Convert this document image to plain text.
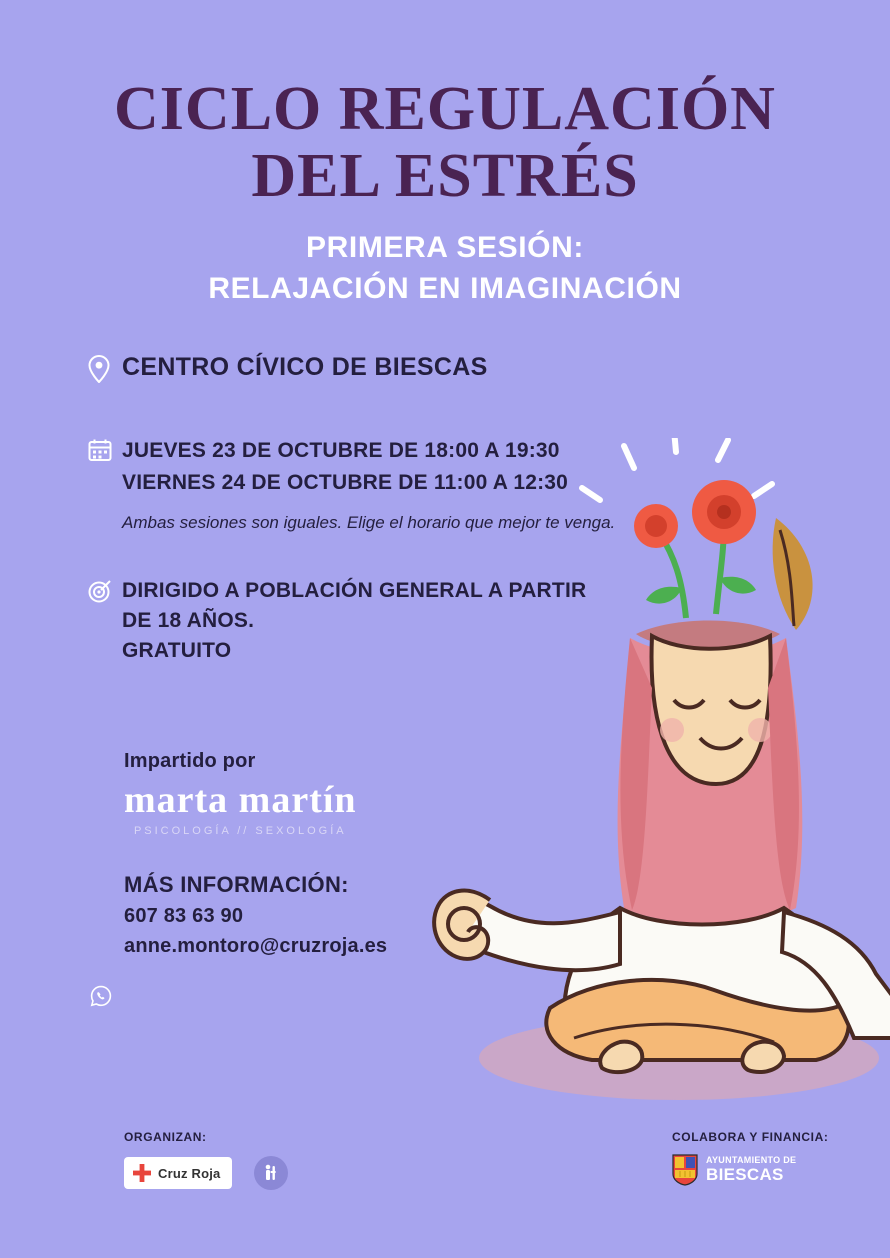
CICLO REGULACIÓN
DEL ESTRÉS
PRIMERA SESIÓN:
RELAJACIÓN EN IMAGINACIÓN
CENTRO CÍVICO DE BIESCAS
JUEVES 23 DE OCTUBRE DE 18:00 A 19:30
VIERNES 24 DE OCTUBRE DE 11:00 A 12:30
Ambas sesiones son iguales. Elige el horario que mejor te venga.
DIRIGIDO A POBLACIÓN GENERAL A PARTIR
DE 18 AÑOS.
GRATUITO
Impartido por
marta martín
PSICOLOGÍA // SEXOLOGÍA
MÁS INFORMACIÓN:
607 83 63 90
anne.montoro@cruzroja.es
ORGANIZAN:
Cruz Roja
COLABORA Y FINANCIA:
AYUNTAMIENTO DE
BIESCAS
